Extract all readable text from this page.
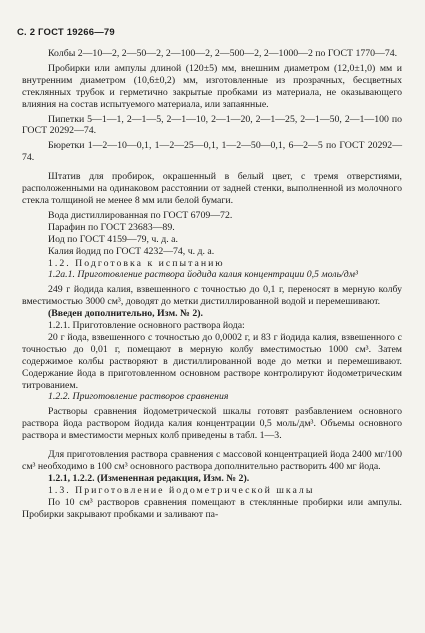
С. 2 ГОСТ 19266—79

Колбы 2—10—2, 2—50—2, 2—100—2, 2—500—2, 2—1000—2 по ГОСТ 1770—74.

Пробирки или ампулы длиной (120±5) мм, внешним диаметром (12,0±1,0) мм и внутренним диаметром (10,6±0,2) мм, изготовленные из прозрачных, бесцветных стеклянных трубок и герметично закрытые пробками из материала, не оказывающего влияния на состав испытуемого материала, или запаянные.

Пипетки 5—1—1, 2—1—5, 2—1—10, 2—1—20, 2—1—25, 2—1—50, 2—1—100 по ГОСТ 20292—74.

Бюретки 1—2—10—0,1, 1—2—25—0,1, 1—2—50—0,1, 6—2—5 по ГОСТ 20292—74.

Штатив для пробирок, окрашенный в белый цвет, с тремя отверстиями, расположенными на одинаковом расстоянии от задней стенки, выполненной из молочного стекла толщиной не менее 8 мм или белой бумаги.

Вода дистиллированная по ГОСТ 6709—72.

Парафин по ГОСТ 23683—89.

Иод по ГОСТ 4159—79, ч. д. а.

Калия йодид по ГОСТ 4232—74, ч. д. а.

1.2. Подготовка к испытанию

1.2а.1. Приготовление раствора йодида калия концентрации 0,5 моль/дм³

249 г йодида калия, взвешенного с точностью до 0,1 г, переносят в мерную колбу вместимостью 3000 см³, доводят до метки дистиллированной водой и перемешивают.

(Введен дополнительно, Изм. № 2).

1.2.1. Приготовление основного раствора йода:

20 г йода, взвешенного с точностью до 0,0002 г, и 83 г йодида калия, взвешенного с точностью до 0,01 г, помещают в мерную колбу вместимостью 1000 см³. Затем содержимое колбы растворяют в дистиллированной воде до метки и перемешивают. Содержание йода в приготовленном основном растворе контролируют йодометрическим титрованием.

1.2.2. Приготовление растворов сравнения

Растворы сравнения йодометрической шкалы готовят разбавлением основного раствора йода раствором йодида калия концентрации 0,5 моль/дм³. Объемы основного раствора и вместимости мерных колб приведены в табл. 1—3.

Для приготовления раствора сравнения с массовой концентрацией йода 2400 мг/100 см³ необходимо в 100 см³ основного раствора дополнительно растворить 400 мг йода.

1.2.1, 1.2.2. (Измененная редакция, Изм. № 2).

1.3. Приготовление йодометрической шкалы

По 10 см³ растворов сравнения помещают в стеклянные пробирки или ампулы. Пробирки закрывают пробками и заливают па-
